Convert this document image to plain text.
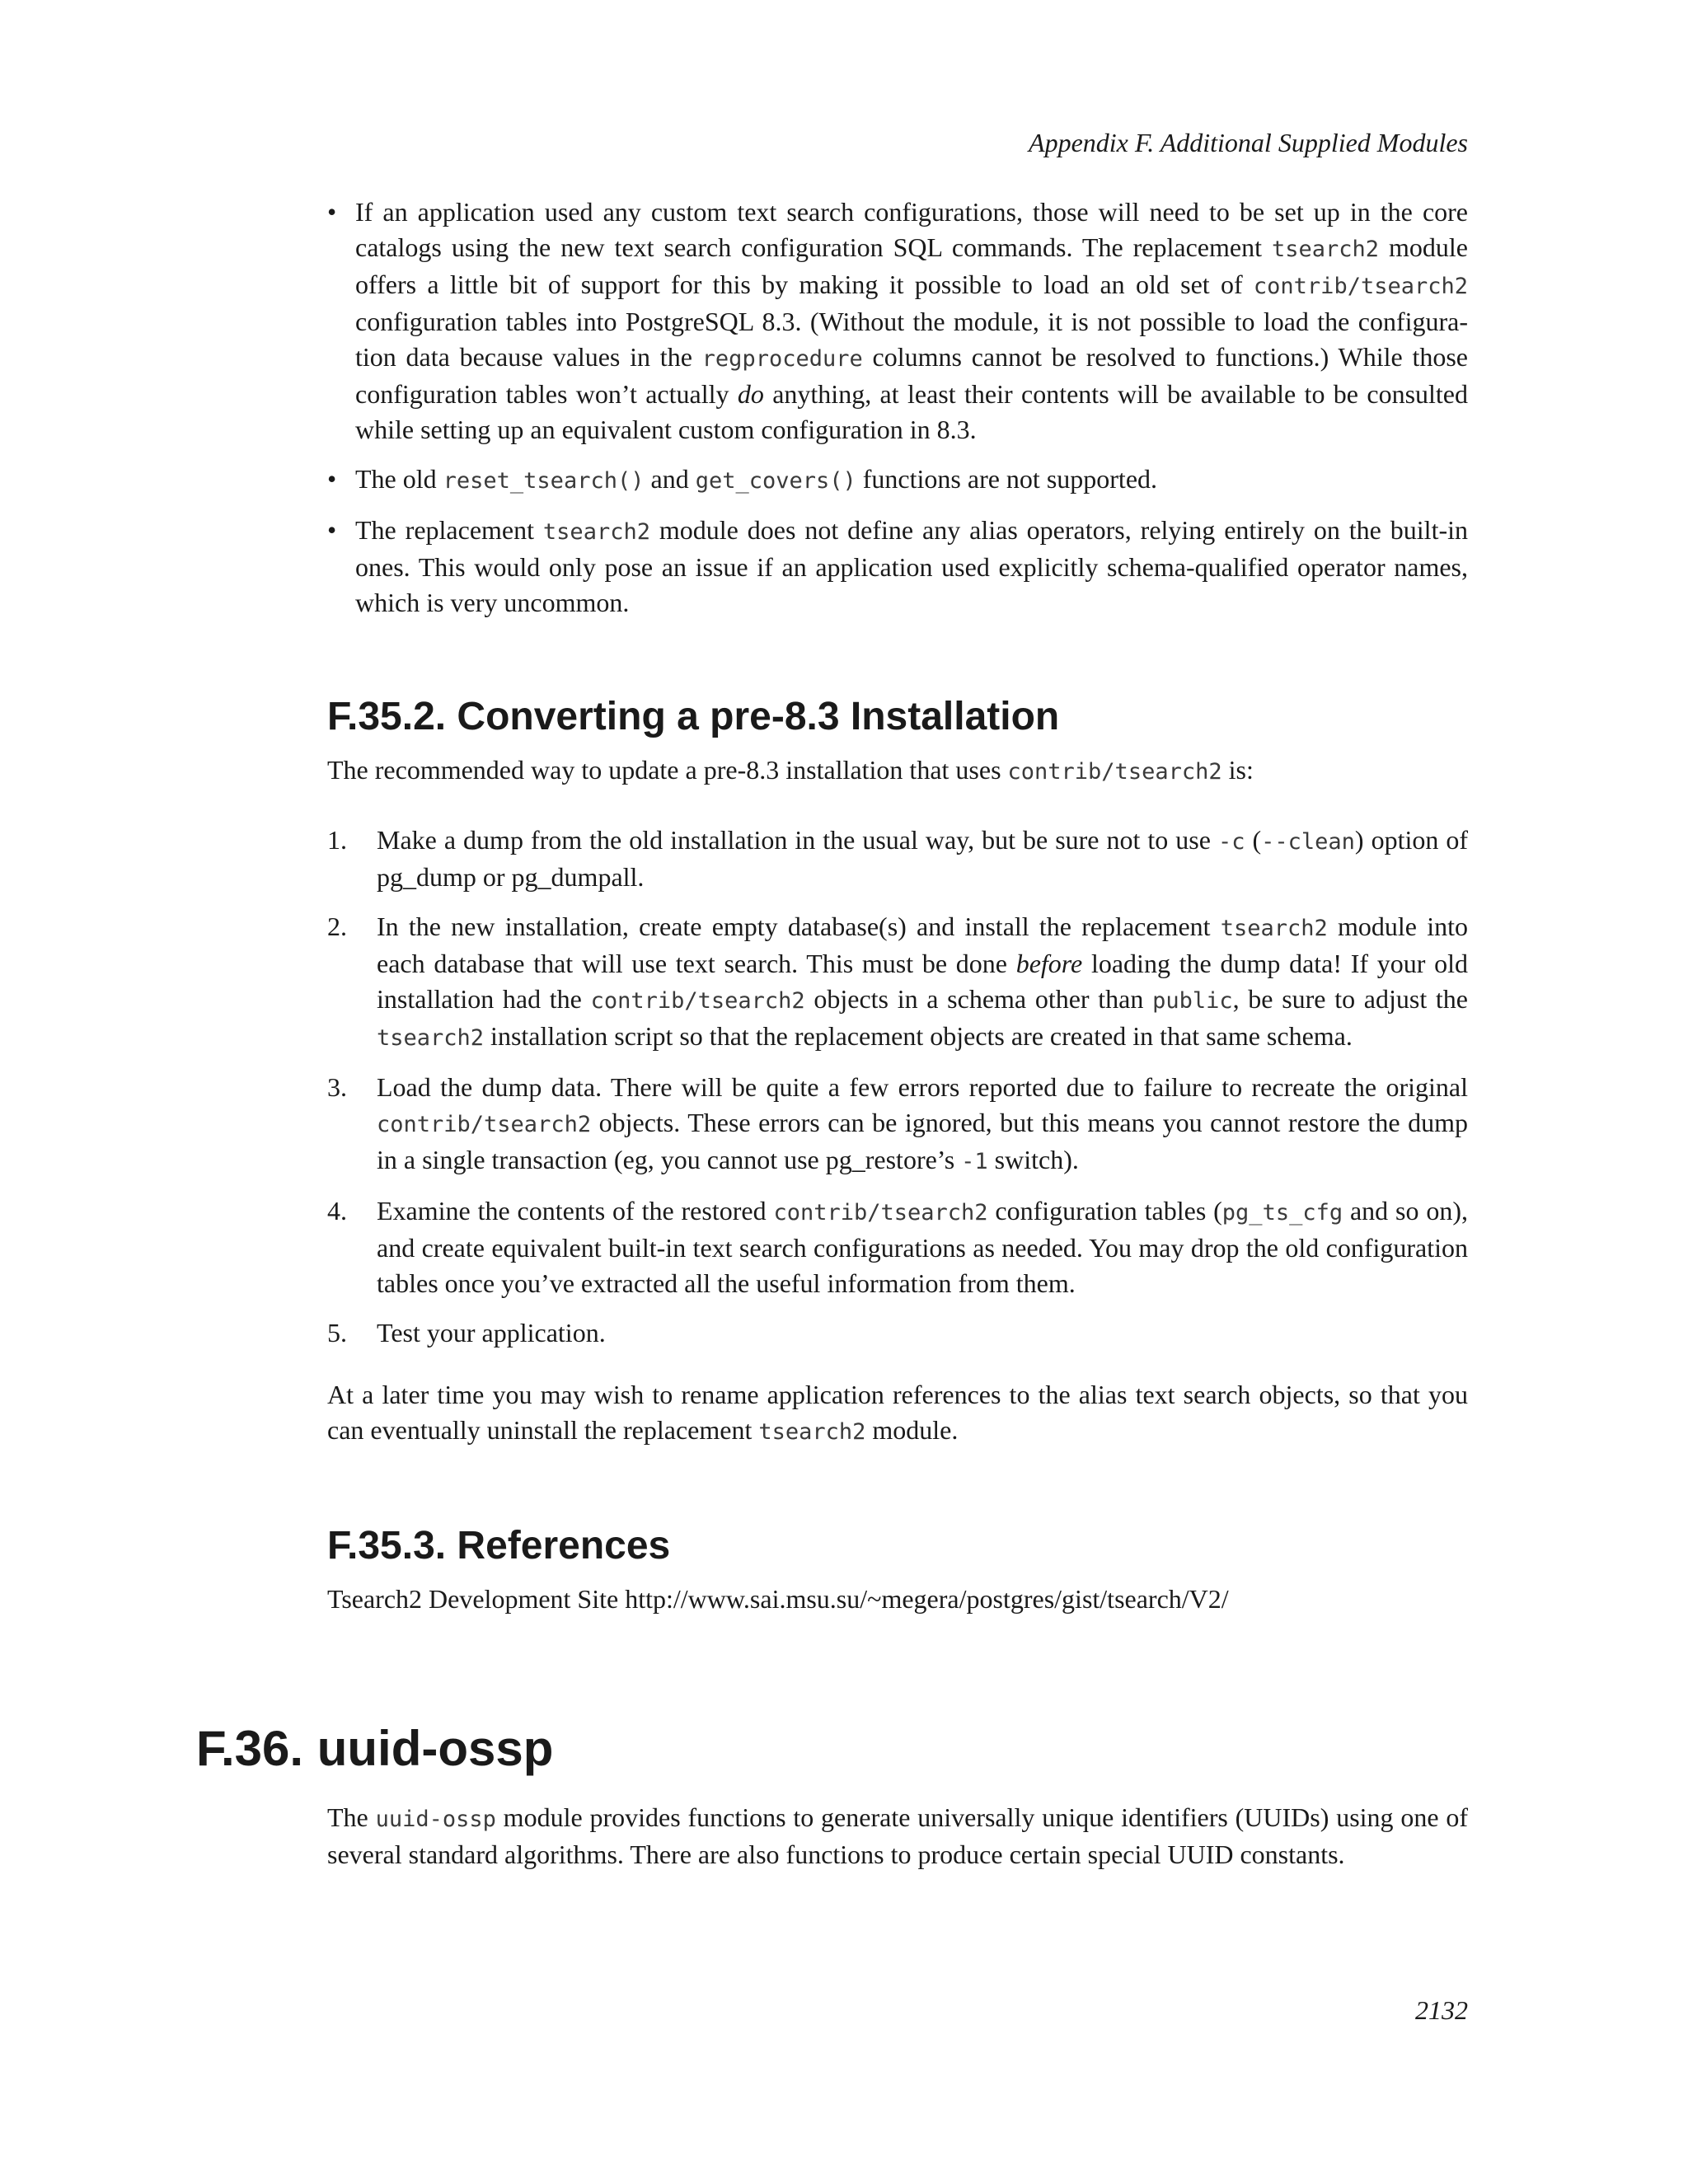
Appendix F. Additional Supplied Modules
• If an application used any custom text search configurations, those will need to be set up in the core catalogs using the new text search configuration SQL commands. The replacement tsearch2 module offers a little bit of support for this by making it possible to load an old set of contrib/tsearch2 configuration tables into PostgreSQL 8.3. (Without the module, it is not possible to load the configura-tion data because values in the regprocedure columns cannot be resolved to functions.) While those configuration tables won’t actually do anything, at least their contents will be available to be consulted while setting up an equivalent custom configuration in 8.3.
• The old reset_tsearch() and get_covers() functions are not supported.
• The replacement tsearch2 module does not define any alias operators, relying entirely on the built-in ones. This would only pose an issue if an application used explicitly schema-qualified operator names, which is very uncommon.
F.35.2. Converting a pre-8.3 Installation

The recommended way to update a pre-8.3 installation that uses contrib/tsearch2 is:

1. Make a dump from the old installation in the usual way, but be sure not to use -c (--clean) option of pg_dump or pg_dumpall.
2. In the new installation, create empty database(s) and install the replacement tsearch2 module into each database that will use text search. This must be done before loading the dump data! If your old installation had the contrib/tsearch2 objects in a schema other than public, be sure to adjust the tsearch2 installation script so that the replacement objects are created in that same schema.
3. Load the dump data. There will be quite a few errors reported due to failure to recreate the original contrib/tsearch2 objects. These errors can be ignored, but this means you cannot restore the dump in a single transaction (eg, you cannot use pg_restore’s -1 switch).
4. Examine the contents of the restored contrib/tsearch2 configuration tables (pg_ts_cfg and so on), and create equivalent built-in text search configurations as needed. You may drop the old configuration tables once you’ve extracted all the useful information from them.
5. Test your application.

At a later time you may wish to rename application references to the alias text search objects, so that you can eventually uninstall the replacement tsearch2 module.

F.35.3. References

Tsearch2 Development Site http://www.sai.msu.su/~megera/postgres/gist/tsearch/V2/

F.36. uuid-ossp

The uuid-ossp module provides functions to generate universally unique identifiers (UUIDs) using one of several standard algorithms. There are also functions to produce certain special UUID constants.

2132
